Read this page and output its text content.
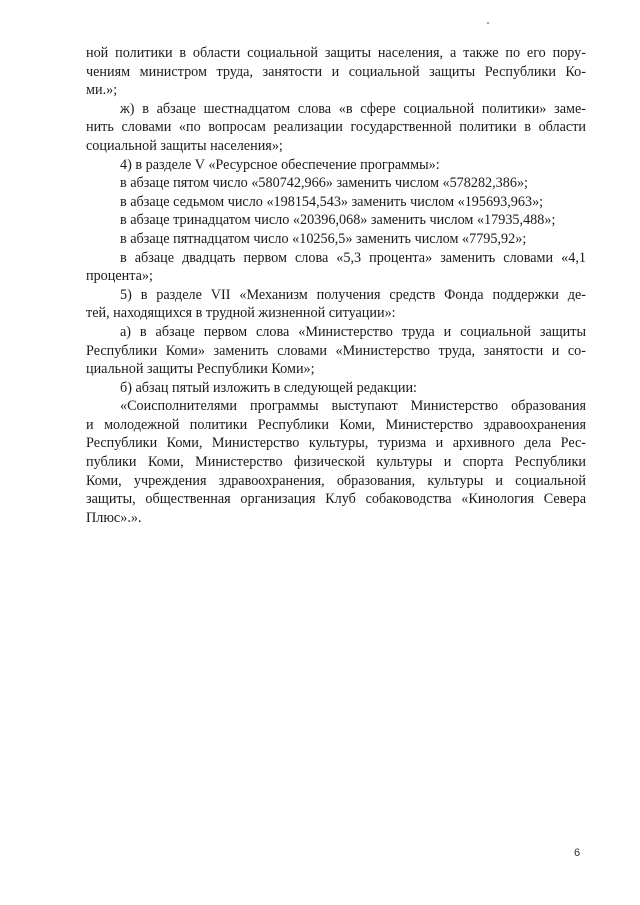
ной политики в области социальной защиты населения, а также по его пору-
чениям министром труда, занятости и социальной защиты Республики Ко-
ми.»;
ж) в абзаце шестнадцатом слова «в сфере социальной политики» заме-
нить словами «по вопросам реализации государственной политики в области
социальной защиты населения»;
4) в разделе V «Ресурсное обеспечение программы»:
в абзаце пятом число «580742,966» заменить числом «578282,386»;
в абзаце седьмом число «198154,543» заменить числом «195693,963»;
в абзаце тринадцатом число «20396,068» заменить числом «17935,488»;
в абзаце пятнадцатом число «10256,5» заменить числом «7795,92»;
в абзаце двадцать первом слова «5,3 процента» заменить словами «4,1
процента»;
5) в разделе VII «Механизм получения средств Фонда поддержки де-
тей, находящихся в трудной жизненной ситуации»:
а) в абзаце первом слова «Министерство труда и социальной защиты
Республики Коми» заменить словами «Министерство труда, занятости и со-
циальной защиты Республики Коми»;
б) абзац пятый изложить в следующей редакции:
«Соисполнителями программы выступают Министерство образования
и молодежной политики Республики Коми, Министерство здравоохранения
Республики Коми, Министерство культуры, туризма и архивного дела Рес-
публики Коми, Министерство физической культуры и спорта Республики
Коми, учреждения здравоохранения, образования, культуры и социальной
защиты, общественная организация Клуб собаководства «Кинология Севера
Плюс».».
6
